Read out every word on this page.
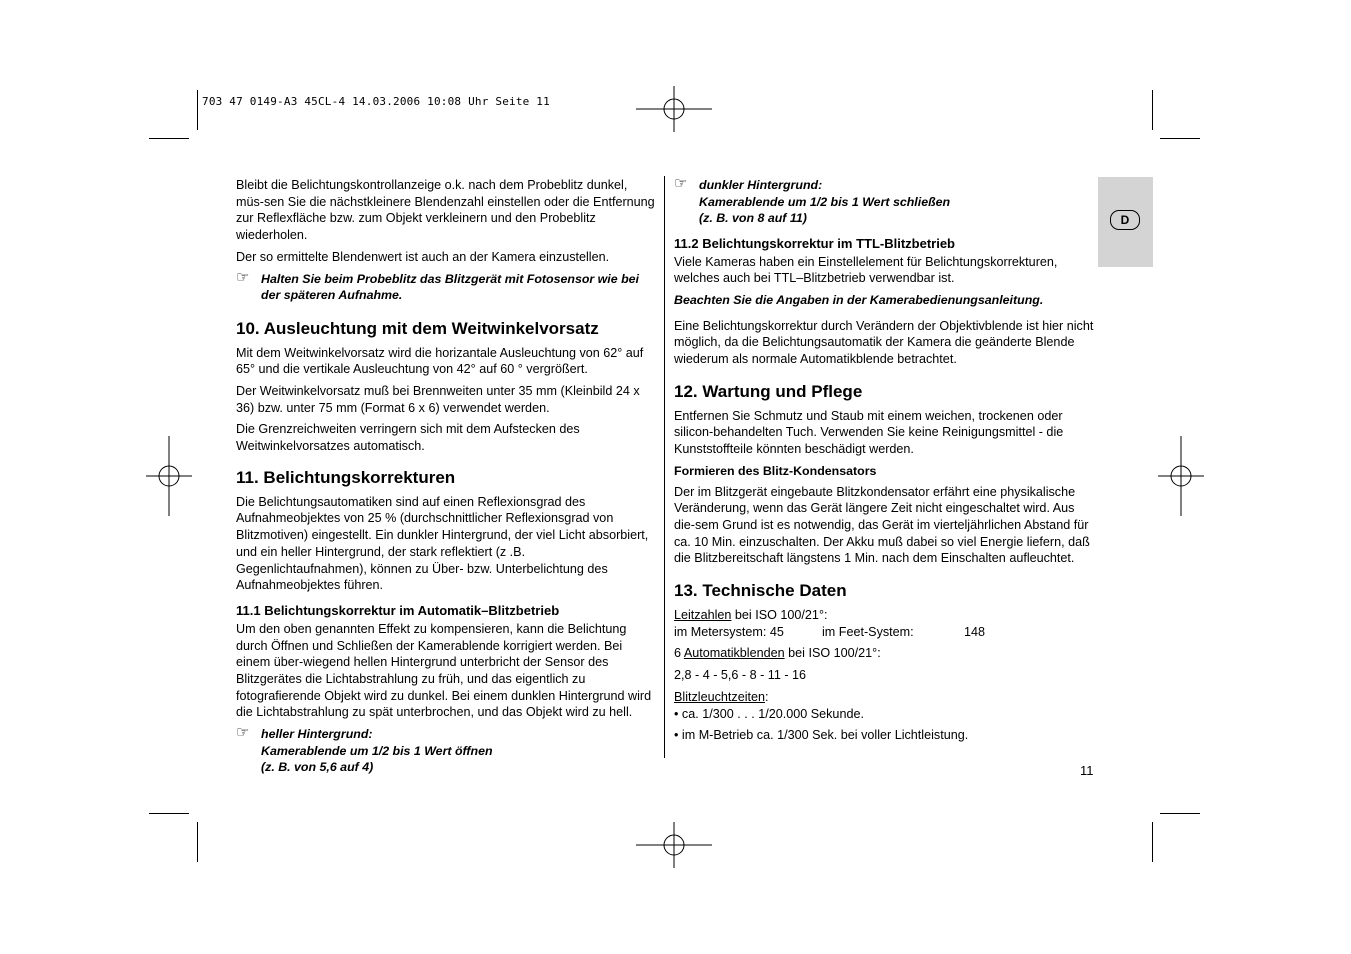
703 47 0149-A3 45CL-4 14.03.2006 10:08 Uhr Seite 11
D

Bleibt die Belichtungskontrollanzeige o.k. nach dem Probeblitz dunkel, müs-sen Sie die nächstkleinere Blendenzahl einstellen oder die Entfernung zur Reflexfläche bzw. zum Objekt verkleinern und den Probeblitz wiederholen.

Der so ermittelte Blendenwert ist auch an der Kamera einzustellen.

☞ Halten Sie beim Probeblitz das Blitzgerät mit Fotosensor wie bei der späteren Aufnahme.
10. Ausleuchtung mit dem Weitwinkelvorsatz

Mit dem Weitwinkelvorsatz wird die horizantale Ausleuchtung von 62° auf 65° und die vertikale Ausleuchtung von 42° auf 60 ° vergrößert.

Der Weitwinkelvorsatz muß bei Brennweiten unter 35 mm (Kleinbild 24 x 36) bzw. unter 75 mm (Format 6 x 6) verwendet werden.

Die Grenzreichweiten verringern sich mit dem Aufstecken des Weitwinkelvorsatzes automatisch.

11. Belichtungskorrekturen

Die Belichtungsautomatiken sind auf einen Reflexionsgrad des Aufnahmeobjektes von 25 % (durchschnittlicher Reflexionsgrad von Blitzmotiven) eingestellt. Ein dunkler Hintergrund, der viel Licht absorbiert, und ein heller Hintergrund, der stark reflektiert (z .B. Gegenlichtaufnahmen), können zu Über- bzw. Unterbelichtung des Aufnahmeobjektes führen.

11.1 Belichtungskorrektur im Automatik–Blitzbetrieb

Um den oben genannten Effekt zu kompensieren, kann die Belichtung durch Öffnen und Schließen der Kamerablende korrigiert werden. Bei einem über-wiegend hellen Hintergrund unterbricht der Sensor des Blitzgerätes die Lichtabstrahlung zu früh, und das eigentlich zu fotografierende Objekt wird zu dunkel. Bei einem dunklen Hintergrund wird die Lichtabstrahlung zu spät unterbrochen, und das Objekt wird zu hell.

☞ heller Hintergrund:
Kamerablende um 1/2 bis 1 Wert öffnen
(z. B. von 5,6 auf 4)
☞ dunkler Hintergrund:
Kamerablende um 1/2 bis 1 Wert schließen
(z. B. von 8 auf 11)
11.2 Belichtungskorrektur im TTL-Blitzbetrieb

Viele Kameras haben ein Einstellelement für Belichtungskorrekturen, welches auch bei TTL–Blitzbetrieb verwendbar ist.

Beachten Sie die Angaben in der Kamerabedienungsanleitung.

Eine Belichtungskorrektur durch Verändern der Objektivblende ist hier nicht möglich, da die Belichtungsautomatik der Kamera die geänderte Blende wiederum als normale Automatikblende betrachtet.

12. Wartung und Pflege

Entfernen Sie Schmutz und Staub mit einem weichen, trockenen oder silicon-behandelten Tuch. Verwenden Sie keine Reinigungsmittel - die Kunststoffteile könnten beschädigt werden.

Formieren des Blitz-Kondensators

Der im Blitzgerät eingebaute Blitzkondensator erfährt eine physikalische Veränderung, wenn das Gerät längere Zeit nicht eingeschaltet wird. Aus die-sem Grund ist es notwendig, das Gerät im vierteljährlichen Abstand für ca. 10 Min. einzuschalten. Der Akku muß dabei so viel Energie liefern, daß die Blitzbereitschaft längstens 1 Min. nach dem Einschalten aufleuchtet.

13. Technische Daten
Leitzahlen bei ISO 100/21°:

im Metersystem: 45	im Feet-System:	148

6 Automatikblenden bei ISO 100/21°:

2,8 - 4 - 5,6 - 8 - 11 - 16

Blitzleuchtzeiten:

• ca. 1/300 . . . 1/20.000 Sekunde.

• im M-Betrieb ca. 1/300 Sek. bei voller Lichtleistung.

11
